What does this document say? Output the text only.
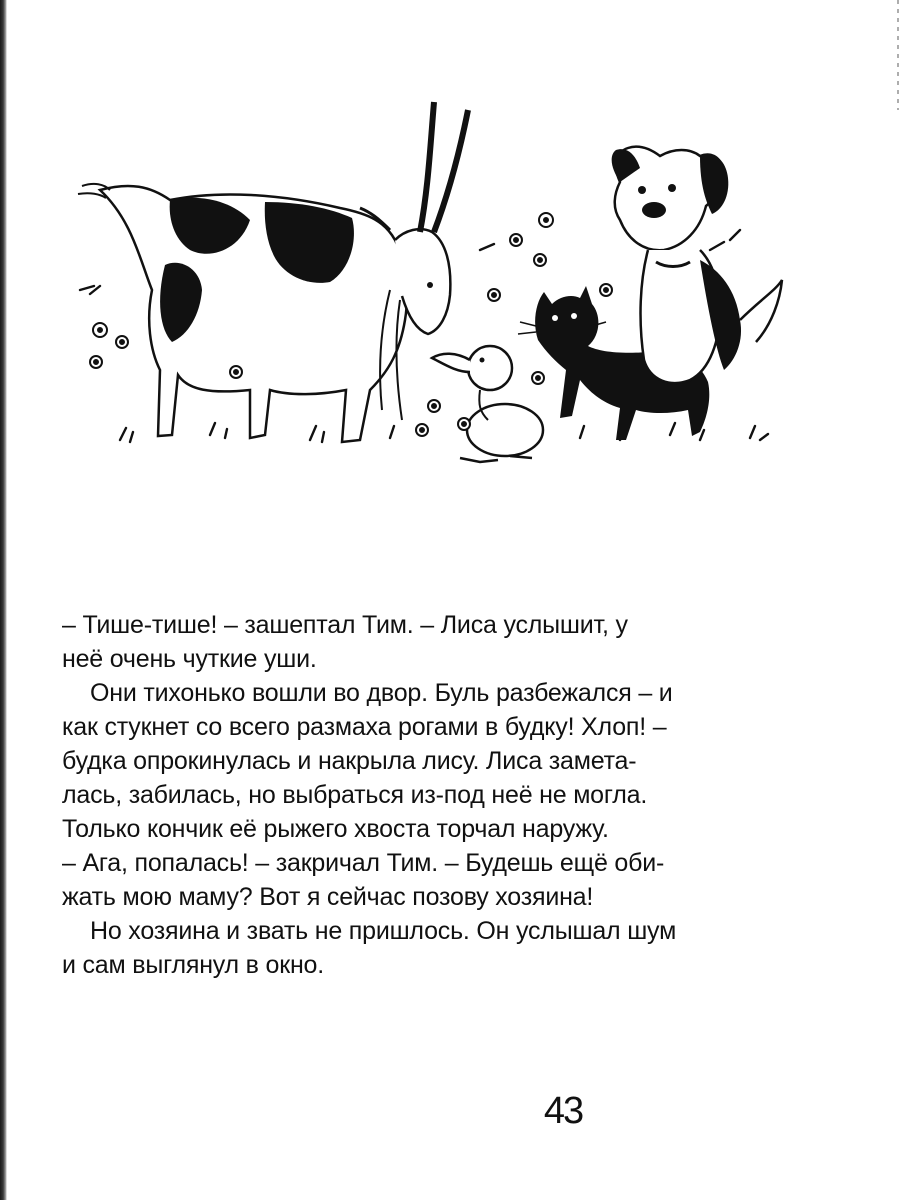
– Тише-тише! – зашептал Тим. – Лиса услышит, у

неё очень чуткие уши.

Они тихонько вошли во двор. Буль разбежался – и

как стукнет со всего размаха рогами в будку! Хлоп! –

будка опрокинулась и накрыла лису. Лиса замета-

лась, забилась, но выбраться из-под неё не могла.

Только кончик её рыжего хвоста торчал наружу.

– Ага, попалась! – закричал Тим. – Будешь ещё оби-

жать мою маму? Вот я сейчас позову хозяина!

Но хозяина и звать не пришлось. Он услышал шум

и сам выглянул в окно.

43
